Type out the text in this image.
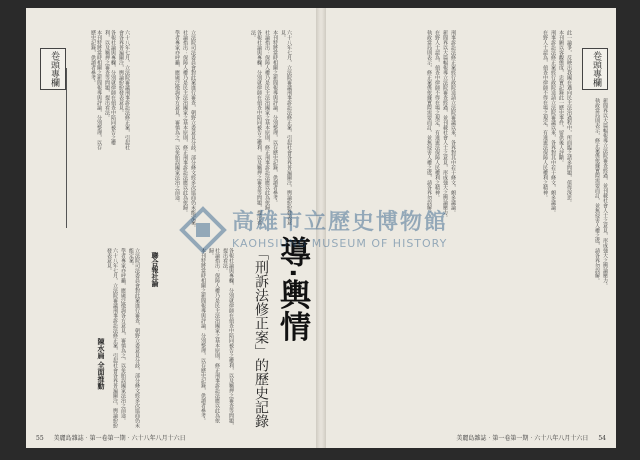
卷頭專欄	六十八年七月，立法院審議刑事訴訟法修正案，引起社會各界普遍關注，輿論紛紛發表意見。

各報社論與專欄，分別就律師在偵查中陪同被告之權利，以及羈押之審查等問題，提出看法。

本刊特將當時相關之新聞報導與評論，分別整理，以存歷史記錄，供讀者參考。	立法院司法委員會對此案進行審查，朝野立委意見分歧，部分條文經多次協商仍未能定案。

社論指出：保障人權乃是民主法治國家之基本原則，修正刑事訴訟法應以此為依歸。

學者專家亦呼籲，應廣泛徵詢各方意見，審慎為之，以免貽誤國家法治之前途。	六十八年七月，立法院審議刑事訴訟法修正案，引起社會各界普遍關注，輿論紛紛發表意見。

本刊特將當時相關之新聞報導與評論，分別整理，以存歷史記錄，供讀者參考。

社論指出：保障人權乃是民主法治國家之基本原則，修正刑事訴訟法應以此為依歸。

各報社論與專欄，分別就律師在偵查中陪同被告之權利，以及羈押之審查等問題，提出看法。

立法院司法委員會對此案進行審查，朝野立委意見分歧，部分條文經多次協商仍未能定案。

學者專家亦呼籲，應廣泛徵詢各方意見，審慎為之，以免貽誤國家法治之前途。

六十八年七月，立法院審議刑事訴訟法修正案，引起社會各界普遍關注，輿論紛紛發表意見。

陳水扁 全面推動
聯合報社論	各報社論與專欄，分別就律師在偵查中陪同被告之權利，以及羈押之審查等問題，提出看法。

社論指出：保障人權乃是民主法治國家之基本原則，修正刑事訴訟法應以此為依歸。

本刊特將當時相關之新聞報導與評論，分別整理，以存歷史記錄，供讀者參考。	「刑訴法修正案」的歷史記錄 導‧輿情
55 美麗島雜誌‧第一卷第一期‧六十八年八月十六日

刑事訴訟法修正案經行政院送請立法院審議以來，各界對其中若干條文，頗多議論。

新聞界以大篇幅報導立法院審查經過，並刊載社會人士之意見，形成強大之輿論壓力。

在野人士認為，偵查中律師不得在場之規定，有違憲法保障人民權利之精神。

執政當局則表示，修正案係依據實際需要而訂，並無侵害人權之虞，請各界勿誤解。	此一論爭，反映出我國在邁向民主法治過程中，所面臨之諸多問題，值得深思。

本刊願以客觀態度，忠實記錄此一歷史事件，留供後人評斷。

刑事訴訟法修正案經行政院送請立法院審議以來，各界對其中若干條文，頗多議論。

在野人士認為，偵查中律師不得在場之規定，有違憲法保障人民權利之精神。	卷頭專欄

新聞界以大篇幅報導立法院審查經過，並刊載社會人士之意見，形成強大之輿論壓力。

執政當局則表示，修正案係依據實際需要而訂，並無侵害人權之虞，請各界勿誤解。

美麗島雜誌‧第一卷第一期‧六十八年八月十六日 54
高雄市立歷史博物館
KAOHSIUNG MUSEUM OF HISTORY
